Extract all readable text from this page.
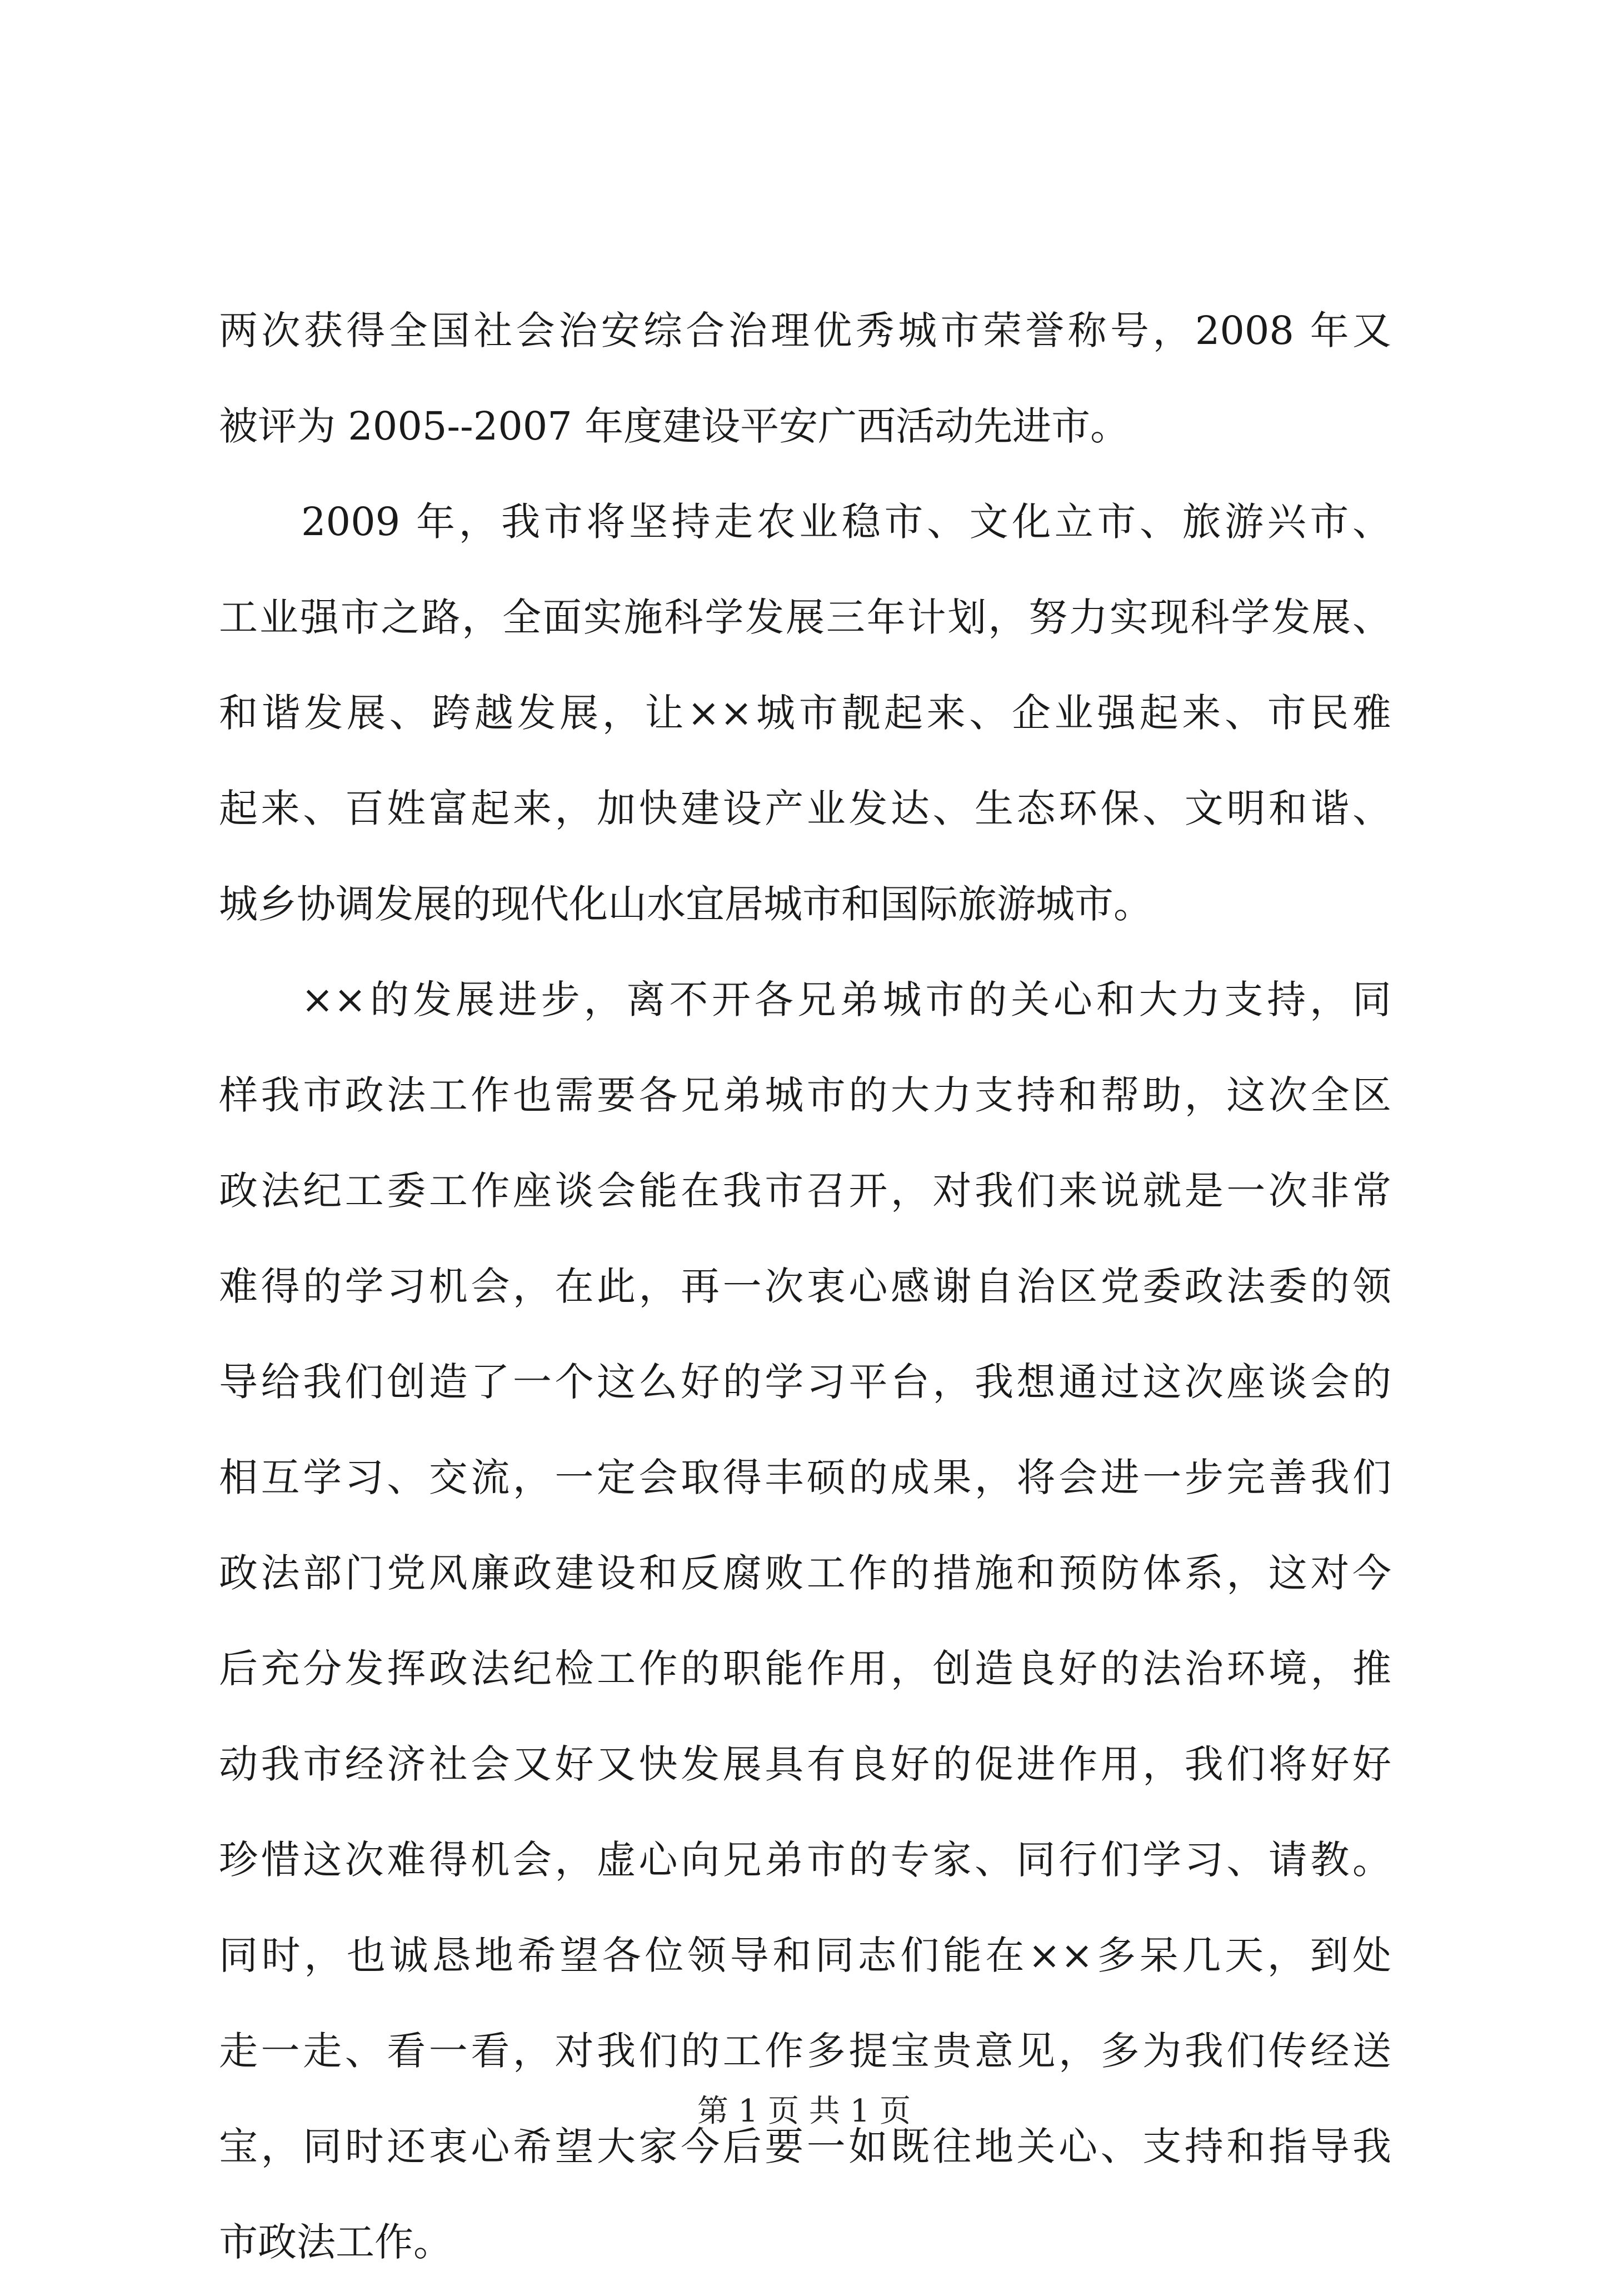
两次获得全国社会治安综合治理优秀城市荣誉称号，2008 年又
被评为 2005--2007 年度建设平安广西活动先进市。
2009 年，我市将坚持走农业稳市、文化立市、旅游兴市、
工业强市之路，全面实施科学发展三年计划，努力实现科学发展、
和谐发展、跨越发展，让××城市靓起来、企业强起来、市民雅
起来、百姓富起来，加快建设产业发达、生态环保、文明和谐、
城乡协调发展的现代化山水宜居城市和国际旅游城市。
××的发展进步，离不开各兄弟城市的关心和大力支持，同
样我市政法工作也需要各兄弟城市的大力支持和帮助，这次全区
政法纪工委工作座谈会能在我市召开，对我们来说就是一次非常
难得的学习机会，在此，再一次衷心感谢自治区党委政法委的领
导给我们创造了一个这么好的学习平台，我想通过这次座谈会的
相互学习、交流，一定会取得丰硕的成果，将会进一步完善我们
政法部门党风廉政建设和反腐败工作的措施和预防体系，这对今
后充分发挥政法纪检工作的职能作用，创造良好的法治环境，推
动我市经济社会又好又快发展具有良好的促进作用，我们将好好
珍惜这次难得机会，虚心向兄弟市的专家、同行们学习、请教。
同时，也诚恳地希望各位领导和同志们能在××多呆几天，到处
走一走、看一看，对我们的工作多提宝贵意见，多为我们传经送
宝，同时还衷心希望大家今后要一如既往地关心、支持和指导我
市政法工作。
第 1 页 共 1 页
